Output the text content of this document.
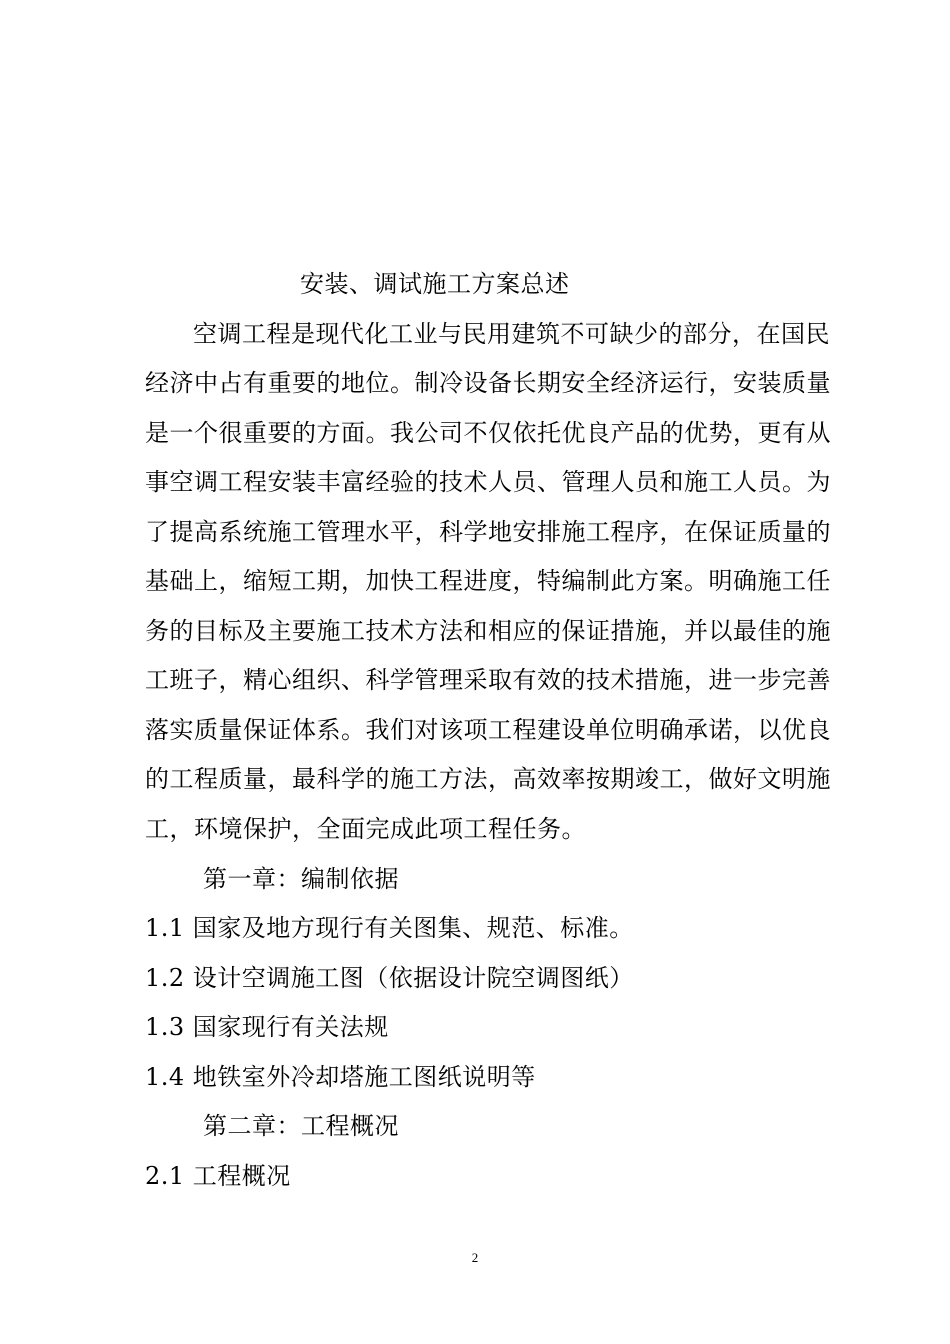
安装、调试施工方案总述
空调工程是现代化工业与民用建筑不可缺少的部分，在国民
经济中占有重要的地位。制冷设备长期安全经济运行，安装质量
是一个很重要的方面。我公司不仅依托优良产品的优势，更有从
事空调工程安装丰富经验的技术人员、管理人员和施工人员。为
了提高系统施工管理水平，科学地安排施工程序，在保证质量的
基础上，缩短工期，加快工程进度，特编制此方案。明确施工任
务的目标及主要施工技术方法和相应的保证措施，并以最佳的施
工班子，精心组织、科学管理采取有效的技术措施，进一步完善
落实质量保证体系。我们对该项工程建设单位明确承诺，以优良
的工程质量，最科学的施工方法，高效率按期竣工，做好文明施
工，环境保护，全面完成此项工程任务。
第一章：编制依据
1.1 国家及地方现行有关图集、规范、标准。
1.2 设计空调施工图（依据设计院空调图纸）
1.3 国家现行有关法规
1.4 地铁室外冷却塔施工图纸说明等
第二章：工程概况
2.1 工程概况
2
